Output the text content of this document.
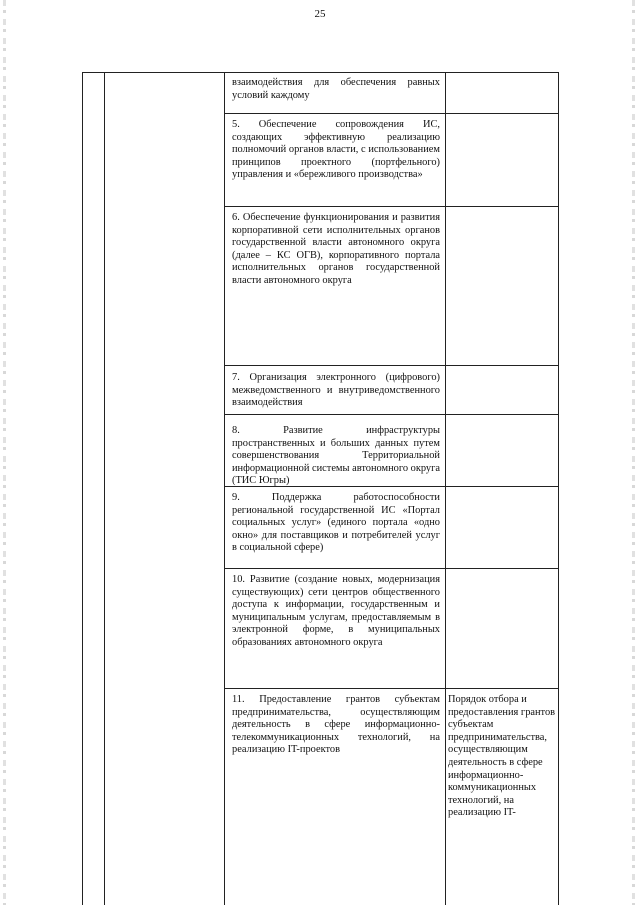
25
взаимодействия для обеспечения равных условий каждому
5. Обеспечение сопровождения ИС, создающих эффективную реализацию полномочий органов власти, с использованием принципов проектного (портфельного) управления и «бережливого производства»
6. Обеспечение функционирования и развития корпоративной сети исполнительных органов государственной власти автономного округа (далее – КС ОГВ), корпоративного портала исполнительных органов государственной власти автономного округа
7. Организация электронного (цифрового) межведомственного и внутриведомственного взаимодействия
8. Развитие инфраструктуры пространственных и больших данных путем совершенствования Территориальной информационной системы автономного округа (ТИС Югры)
9. Поддержка работоспособности региональной государственной ИС «Портал социальных услуг» (единого портала «одно окно» для поставщиков и потребителей услуг в социальной сфере)
10. Развитие (создание новых, модернизация существующих) сети центров общественного доступа к информации, государственным и муниципальным услугам, предоставляемым в электронной форме, в муниципальных образованиях автономного округа
11. Предоставление грантов субъектам предпринимательства, осуществляющим деятельность в сфере информационно-телекоммуникационных технологий, на реализацию IT-проектов
Порядок отбора и предоставления грантов субъектам предпринимательства, осуществляющим деятельность в сфере информационно-коммуникационных технологий, на реализацию IT-
